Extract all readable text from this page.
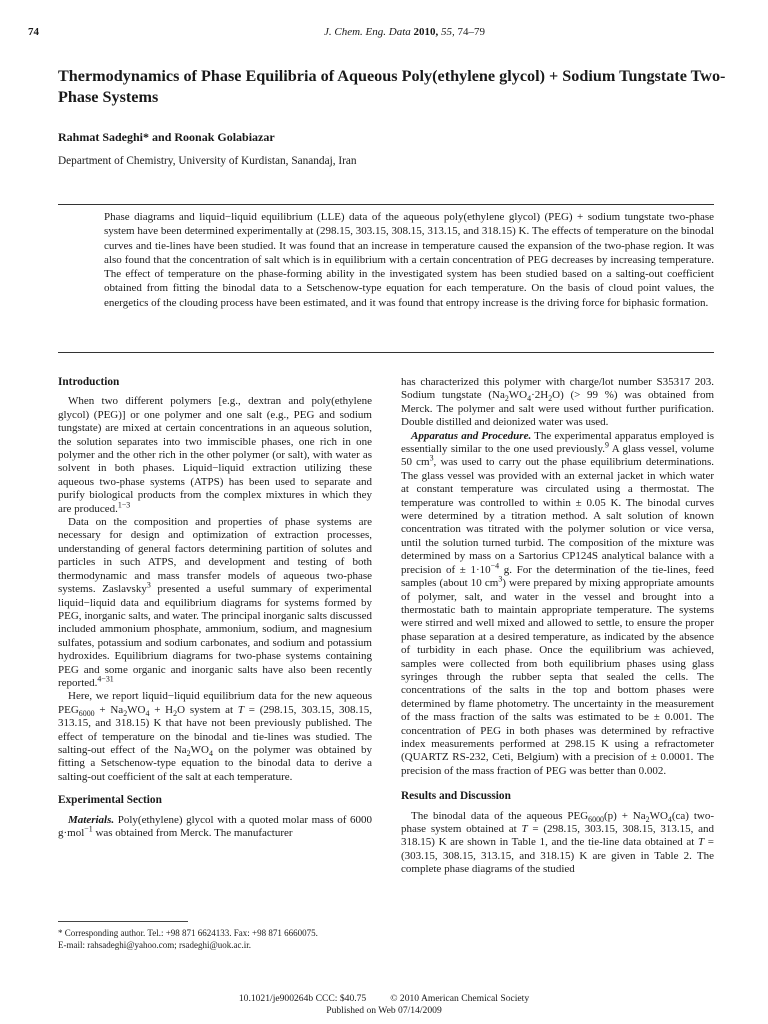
74	J. Chem. Eng. Data 2010, 55, 74–79
Thermodynamics of Phase Equilibria of Aqueous Poly(ethylene glycol) + Sodium Tungstate Two-Phase Systems
Rahmat Sadeghi* and Roonak Golabiazar
Department of Chemistry, University of Kurdistan, Sanandaj, Iran
Phase diagrams and liquid−liquid equilibrium (LLE) data of the aqueous poly(ethylene glycol) (PEG) + sodium tungstate two-phase system have been determined experimentally at (298.15, 303.15, 308.15, 313.15, and 318.15) K. The effects of temperature on the binodal curves and tie-lines have been studied. It was found that an increase in temperature caused the expansion of the two-phase region. It was also found that the concentration of salt which is in equilibrium with a certain concentration of PEG decreases by increasing temperature. The effect of temperature on the phase-forming ability in the investigated system has been studied based on a salting-out coefficient obtained from fitting the binodal data to a Setschenow-type equation for each temperature. On the basis of cloud point values, the energetics of the clouding process have been estimated, and it was found that entropy increase is the driving force for biphasic formation.
Introduction

When two different polymers [e.g., dextran and poly(ethylene glycol) (PEG)] or one polymer and one salt (e.g., PEG and sodium tungstate) are mixed at certain concentrations in an aqueous solution, the solution separates into two immiscible phases, one rich in one polymer and the other rich in the other polymer (or salt), with water as solvent in both phases. Liquid−liquid extraction utilizing these aqueous two-phase systems (ATPS) has been used to separate and purify biological products from the complex mixtures in which they are produced.$^{1-3}$

Data on the composition and properties of phase systems are necessary for design and optimization of extraction processes, understanding of general factors determining partition of solutes and particles in such ATPS, and development and testing of both thermodynamic and mass transfer models of aqueous two-phase systems. Zaslavsky$^3$ presented a useful summary of experimental liquid−liquid data and equilibrium diagrams for systems formed by PEG, inorganic salts, and water. The principal inorganic salts discussed included ammonium phosphate, ammonium, sodium, and magnesium sulfates, potassium and sodium carbonates, and sodium and potassium hydroxides. Equilibrium diagrams for two-phase systems containing PEG and some organic and inorganic salts have also been recently reported.$^{4-31}$

Here, we report liquid−liquid equilibrium data for the new aqueous $PEG_{6000} + Na_2WO_4 + H_2O$ system at T = (298.15, 303.15, 308.15, 313.15, and 318.15) K that have not been previously published. The effect of temperature on the binodal and tie-lines was studied. The salting-out effect of the $Na_2WO_4$ on the polymer was obtained by fitting a Setschenow-type equation to the binodal data to derive a salting-out coefficient of the salt at each temperature.

Experimental Section

Materials. Poly(ethylene) glycol with a quoted molar mass of 6000 g·mol$^{-1}$ was obtained from Merck. The manufacturer

has characterized this polymer with charge/lot number S35317 203. Sodium tungstate $(Na_2WO_4\cdot 2H_2O)$ (> 99 %) was obtained from Merck. The polymer and salt were used without further purification. Double distilled and deionized water was used.

Apparatus and Procedure. The experimental apparatus employed is essentially similar to the one used previously.$^9$ A glass vessel, volume 50 $cm^3$, was used to carry out the phase equilibrium determinations. The glass vessel was provided with an external jacket in which water at constant temperature was circulated using a thermostat. The temperature was controlled to within ± 0.05 K. The binodal curves were determined by a titration method. A salt solution of known concentration was titrated with the polymer solution or vice versa, until the solution turned turbid. The composition of the mixture was determined by mass on a Sartorius CP124S analytical balance with a precision of ± $1\cdot 10^{-4}$ g. For the determination of the tie-lines, feed samples (about 10 $cm^3$) were prepared by mixing appropriate amounts of polymer, salt, and water in the vessel and brought into a thermostatic bath to maintain appropriate temperature. The systems were stirred and well mixed and allowed to settle, to ensure the proper phase separation at a desired temperature, as indicated by the absence of turbidity in each phase. Once the equilibrium was achieved, samples were collected from both equilibrium phases using glass syringes through the rubber septa that sealed the cells. The concentrations of the salts in the top and bottom phases were determined by flame photometry. The uncertainty in the measurement of the mass fraction of the salts was estimated to be ± 0.001. The concentration of PEG in both phases was determined by refractive index measurements performed at 298.15 K using a refractometer (QUARTZ RS-232, Ceti, Belgium) with a precision of ± 0.0001. The precision of the mass fraction of PEG was better than 0.002.

Results and Discussion

The binodal data of the aqueous $PEG_{6000}(p) + Na_2WO_4(ca)$ two-phase system obtained at T = (298.15, 303.15, 308.15, 313.15, and 318.15) K are shown in Table 1, and the tie-line data obtained at T = (303.15, 308.15, 313.15, and 318.15) K are given in Table 2. The complete phase diagrams of the studied

* Corresponding author. Tel.: +98 871 6624133. Fax: +98 871 6660075.
E-mail: rahsadeghi@yahoo.com; rsadeghi@uok.ac.ir.
10.1021/je900264b CCC: $40.75	© 2010 American Chemical Society
Published on Web 07/14/2009
